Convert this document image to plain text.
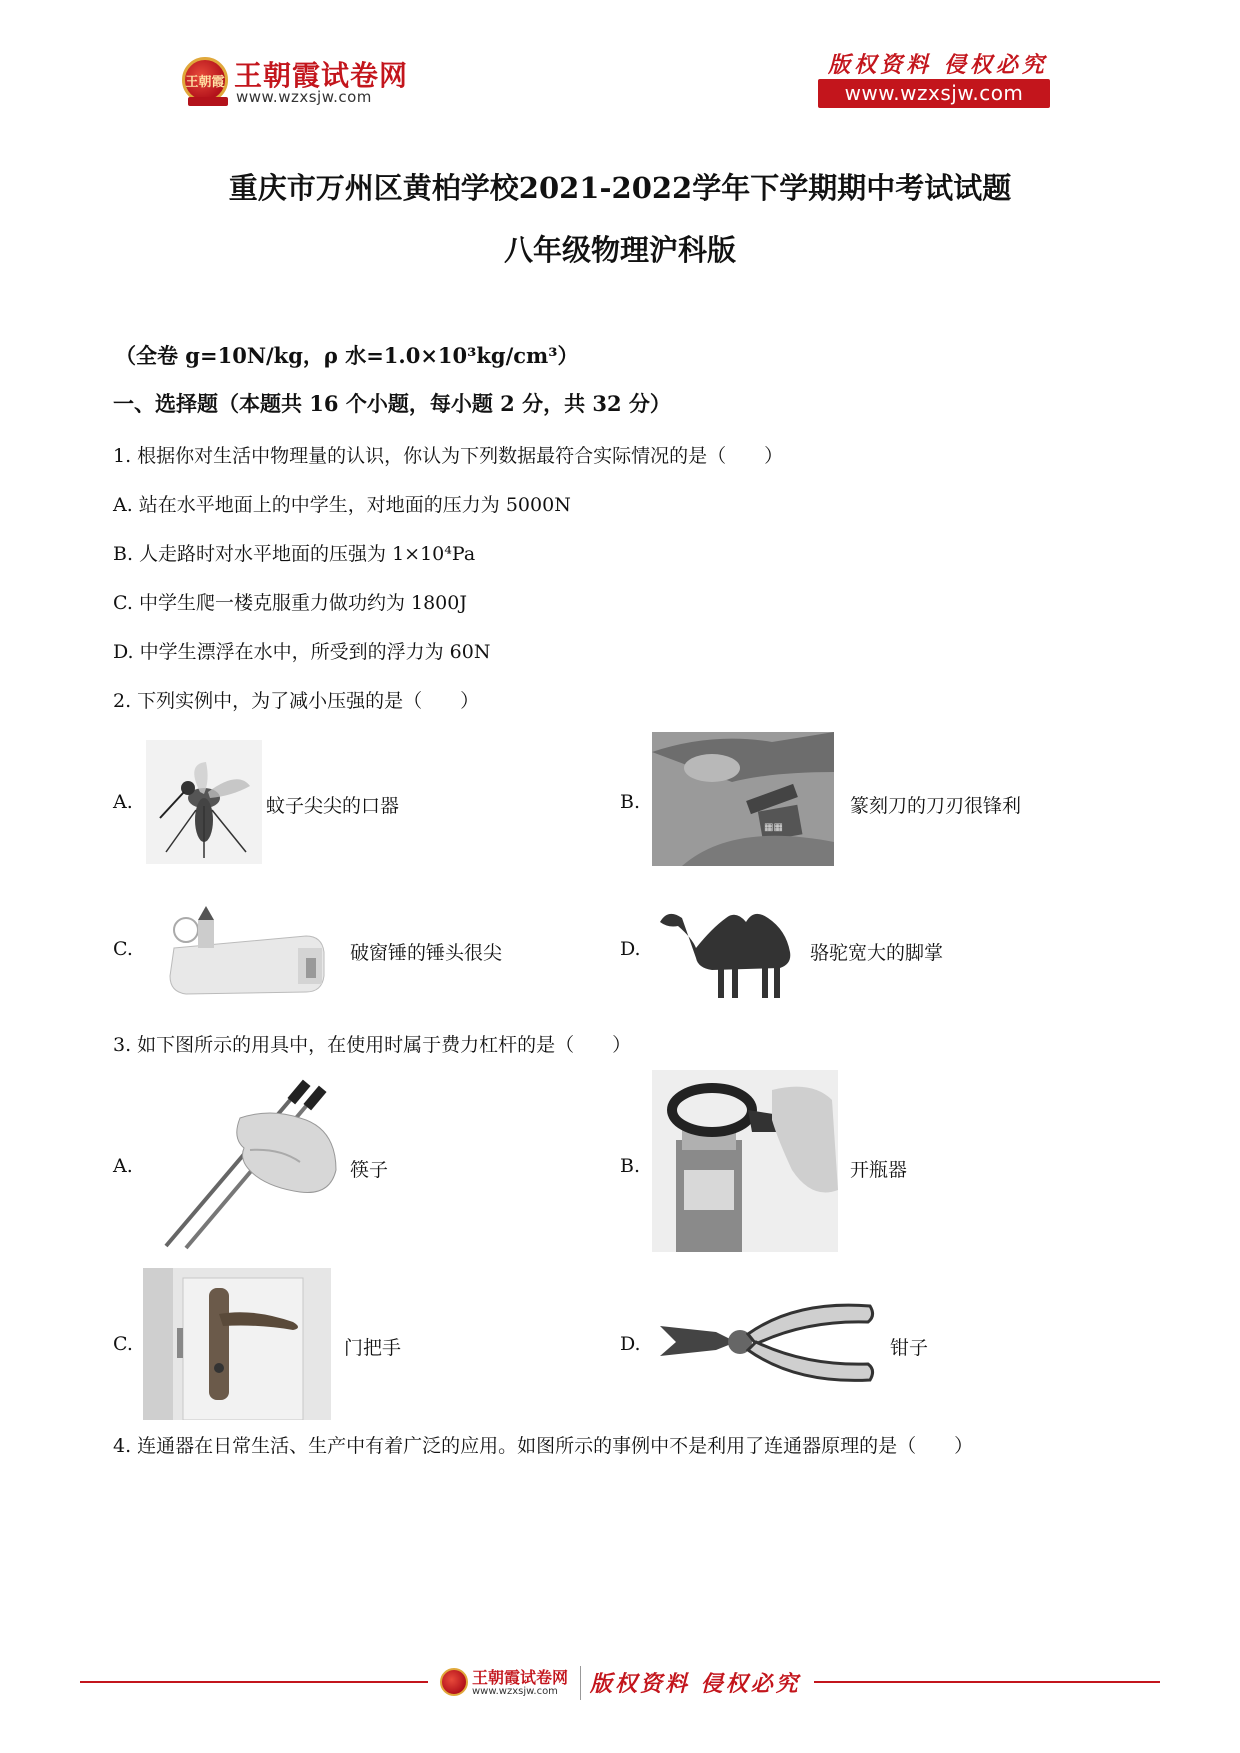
王朝霞 王朝霞试卷网
www.wzxsjw.com
版权资料 侵权必究
www.wzxsjw.com
重庆市万州区黄柏学校2021-2022学年下学期期中考试试题
八年级物理沪科版
（全卷 g=10N/kg，ρ 水=1.0×10³kg/cm³）
一、选择题（本题共 16 个小题，每小题 2 分，共 32 分）
1. 根据你对生活中物理量的认识，你认为下列数据最符合实际情况的是（　　）
A. 站在水平地面上的中学生，对地面的压力为 5000N
B. 人走路时对水平地面的压强为 1×10⁴Pa
C. 中学生爬一楼克服重力做功约为 1800J
D. 中学生漂浮在水中，所受到的浮力为 60N
2. 下列实例中，为了减小压强的是（　　）
A.	蚊子尖尖的口器	B.
▦▦
篆刻刀的刀刃很锋利
C.	破窗锤的锤头很尖	D.	骆驼宽大的脚掌
3. 如下图所示的用具中，在使用时属于费力杠杆的是（　　）
A.	筷子	B.	开瓶器
C.	门把手	D.	钳子
4. 连通器在日常生活、生产中有着广泛的应用。如图所示的事例中不是利用了连通器原理的是（　　）
王朝霞试卷网
www.wzxsjw.com 版权资料 侵权必究
